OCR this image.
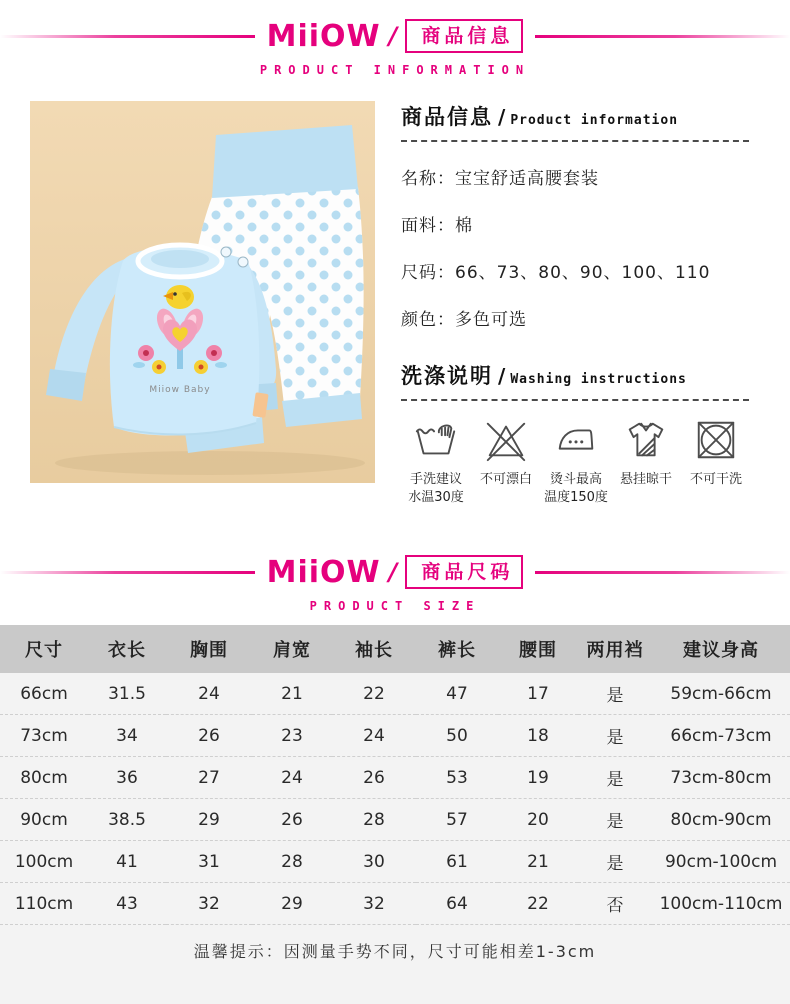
MiiOW /	商品信息
PRODUCT INFORMATION
Miiow Baby
商品信息 / Product information
名称：宝宝舒适高腰套装
面料：棉
尺码：66、73、80、90、100、110
颜色：多色可选
洗涤说明 / Washing instructions
手洗建议
水温30度
不可漂白	烫斗最高
温度150度
悬挂晾干 不可干洗
MiiOW /	商品尺码
PRODUCT SIZE
尺寸	衣长	胸围	肩宽	袖长	裤长	腰围	两用裆	建议身高
66cm	31.5	24	21	22	47	17	是	59cm-66cm
73cm	34	26	23	24	50	18	是	66cm-73cm
80cm	36	27	24	26	53	19	是	73cm-80cm
90cm	38.5	29	26	28	57	20	是	80cm-90cm
100cm	41	31	28	30	61	21	是	90cm-100cm
110cm	43	32	29	32	64	22	否	100cm-110cm
温馨提示：因测量手势不同，尺寸可能相差1-3cm
